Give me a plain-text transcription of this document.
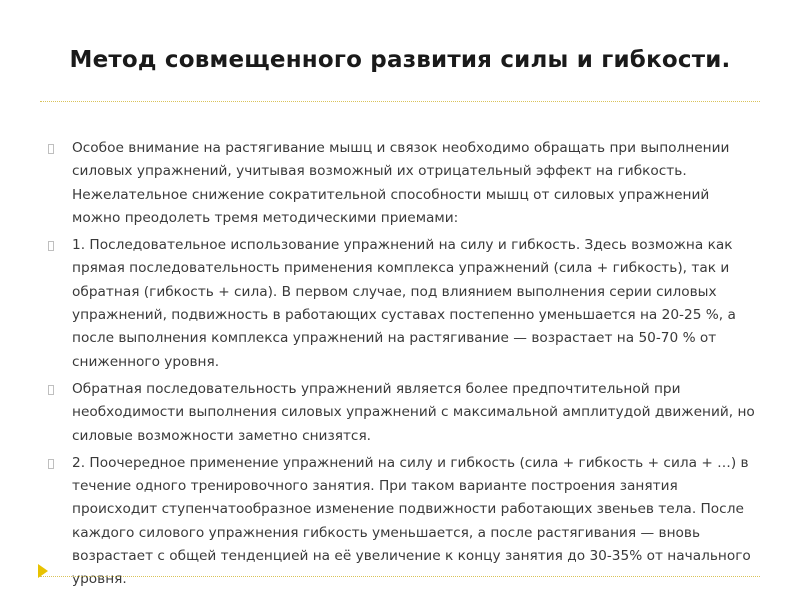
Метод совмещенного развития силы и гибкости.
Особое внимание на растягивание мышц и связок необходимо обращать при выполнении силовых упражнений, учитывая возможный их отрицательный эффект на гибкость. Нежелательное снижение сократительной способности мышц от силовых упражнений можно преодолеть тремя методическими приемами:
1. Последовательное использование упражнений на силу и гибкость. Здесь возможна как прямая последовательность применения комплекса упражнений (сила + гибкость), так и обратная (гибкость + сила). В первом случае, под влиянием выполнения серии силовых упражнений, подвижность в работающих суставах постепенно уменьшается на 20-25 %, а после выполнения комплекса упражнений на растягивание — возрастает на 50-70 % от сниженного уровня.
Обратная последовательность упражнений является более предпочтительной при необходимости выполнения силовых упражнений с максимальной амплитудой движений, но силовые возможности заметно снизятся.
2. Поочередное применение упражнений на силу и гибкость (сила + гибкость + сила + …) в течение одного тренировочного занятия. При таком варианте построения занятия происходит ступенчатообразное изменение подвижности работающих звеньев тела. После каждого силового упражнения гибкость уменьшается, а после растягивания — вновь возрастает с общей тенденцией на её увеличение к концу занятия до 30-35% от начального уровня.
